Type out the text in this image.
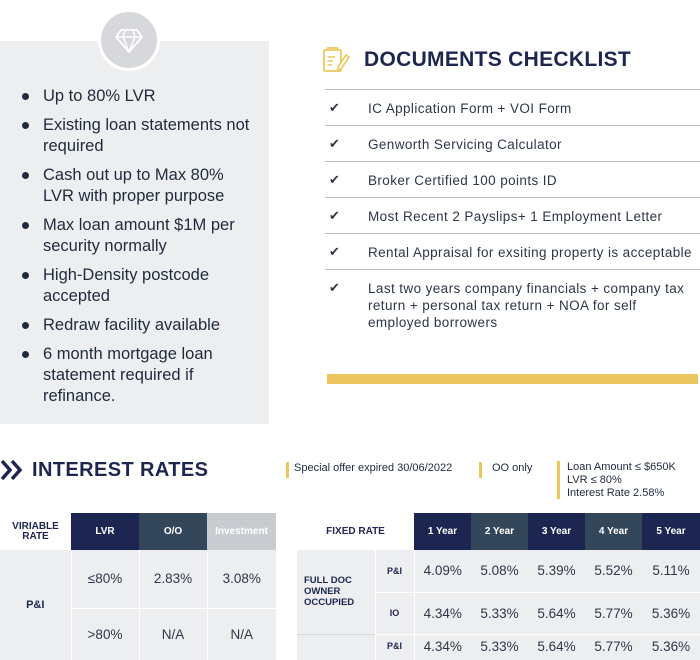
Up to 80% LVR
Existing loan statements not required
Cash out up to Max 80% LVR with proper purpose
Max loan amount $1M per security normally
High-Density postcode accepted
Redraw facility available
6 month mortgage loan statement required if refinance.
DOCUMENTS CHECKLIST
✔ IC Application Form + VOI Form
✔ Genworth Servicing Calculator
✔ Broker Certified 100 points ID
✔ Most Recent 2 Payslips+ 1 Employment Letter
✔ Rental Appraisal for exsiting property is acceptable
✔ Last two years company financials + company tax return + personal tax return + NOA for self employed borrowers
INTEREST RATES	Special offer expired 30/06/2022	OO only	Loan Amount ≤ $650K
LVR ≤ 80%
Interest Rate 2.58%
VIRIABLE RATE	LVR	O/O	Investment
P&I	≤80%	2.83%	3.08%
	>80%	N/A	N/A
FIXED RATE		1 Year	2 Year	3 Year	4 Year	5 Year
FULL DOC OWNER OCCUPIED	P&I	4.09%	5.08%	5.39%	5.52%	5.11%
	IO	4.34%	5.33%	5.64%	5.77%	5.36%
	P&I	4.34%	5.33%	5.64%	5.77%	5.36%
